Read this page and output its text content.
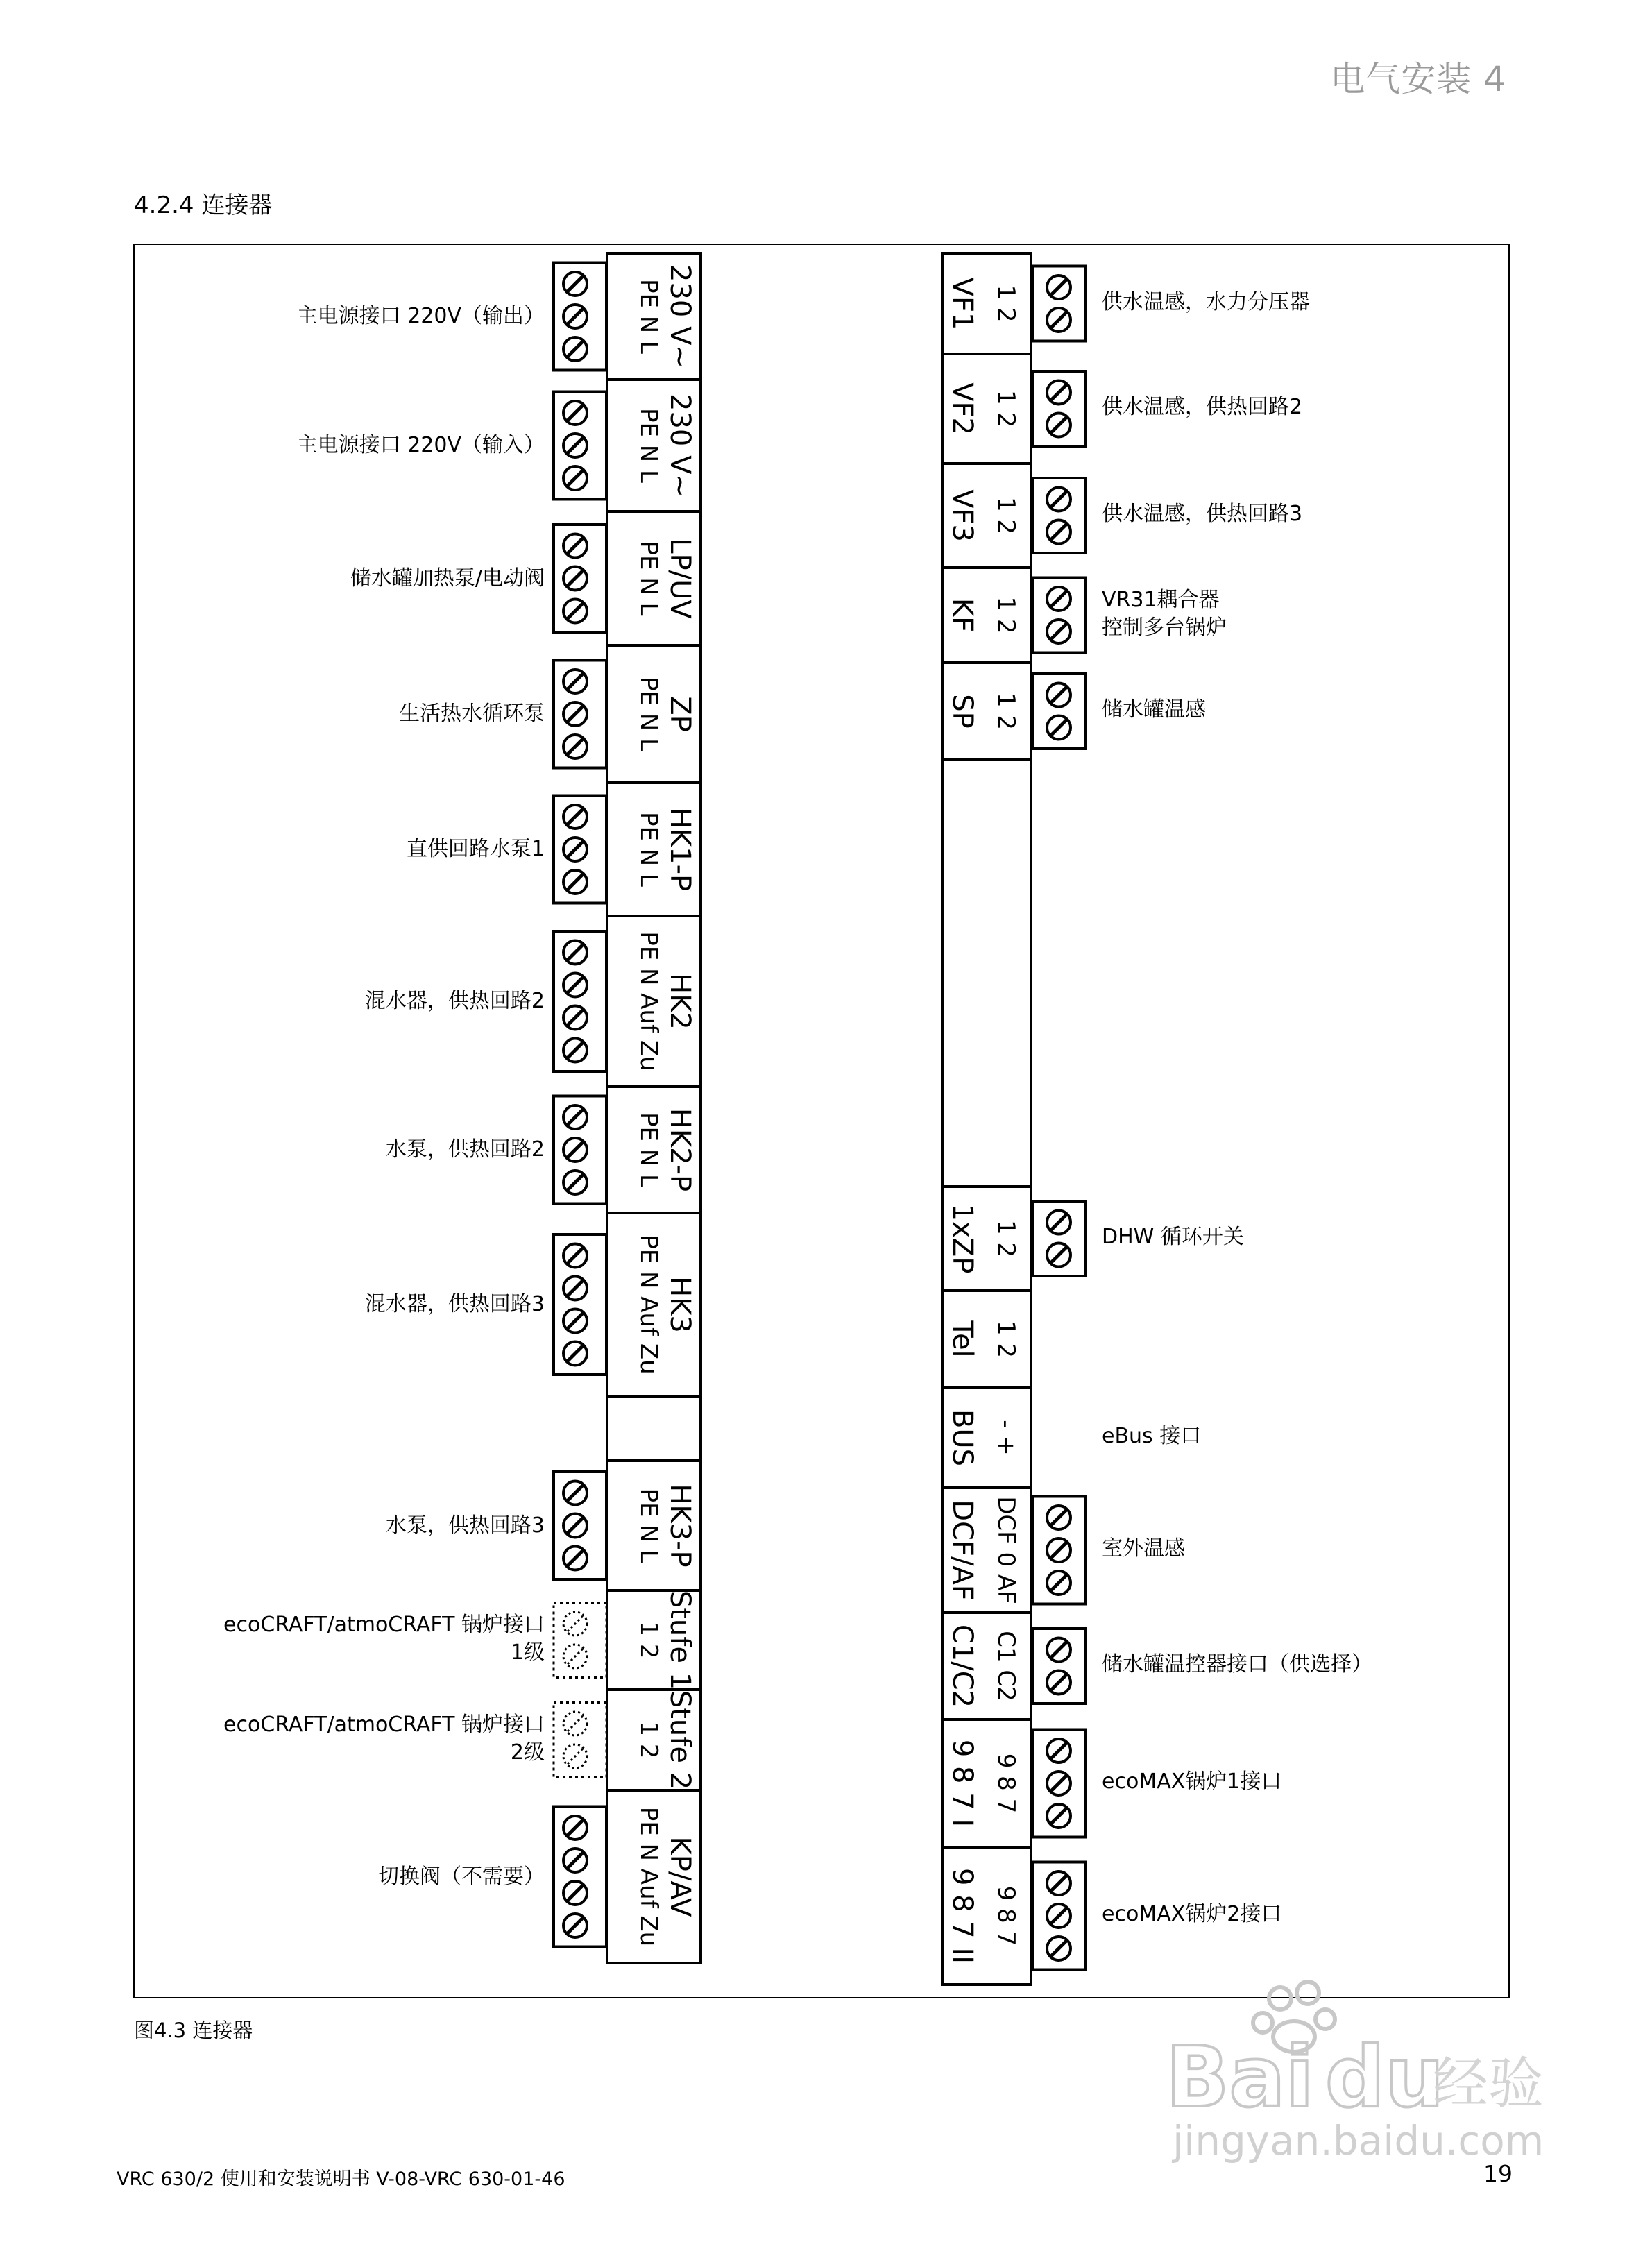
电气安装 4
4.2.4 连接器
PE N L 230 V~
PE N L 230 V~
PE N L LP/UV
PE N L ZP
PE N L HK1-P
PE N Auf Zu HK2
PE N L HK2-P
PE N Auf Zu HK3
PE N L HK3-P
1 2 Stufe 1
1 2 Stufe 2
PE N Auf Zu KP/AV
VF1 1 2
VF2 1 2
VF3 1 2
KF 1 2
SP 1 2
1xZP 1 2
Tel 1 2
BUS - +
DCF/AF DCF 0 AF
C1/C2 C1 C2
9 8 7 I 9 8 7
9 8 7 II 9 8 7
主电源接口 220V（输出）
主电源接口 220V（输入）
储水罐加热泵/电动阀
生活热水循环泵
直供回路水泵1
混水器，供热回路2
水泵，供热回路2
混水器，供热回路3
水泵，供热回路3
ecoCRAFT/atmoCRAFT 锅炉接口
1级
ecoCRAFT/atmoCRAFT 锅炉接口
2级
切换阀（不需要）
供水温感，水力分压器
供水温感，供热回路2
供水温感，供热回路3
VR31耦合器
控制多台锅炉
储水罐温感
DHW 循环开关
eBus 接口
室外温感
储水罐温控器接口（供选择）
ecoMAX锅炉1接口
ecoMAX锅炉2接口
图4.3 连接器	Bai du
经验
jingyan.baidu.com
VRC 630/2 使用和安装说明书 V-08-VRC 630-01-46	19
